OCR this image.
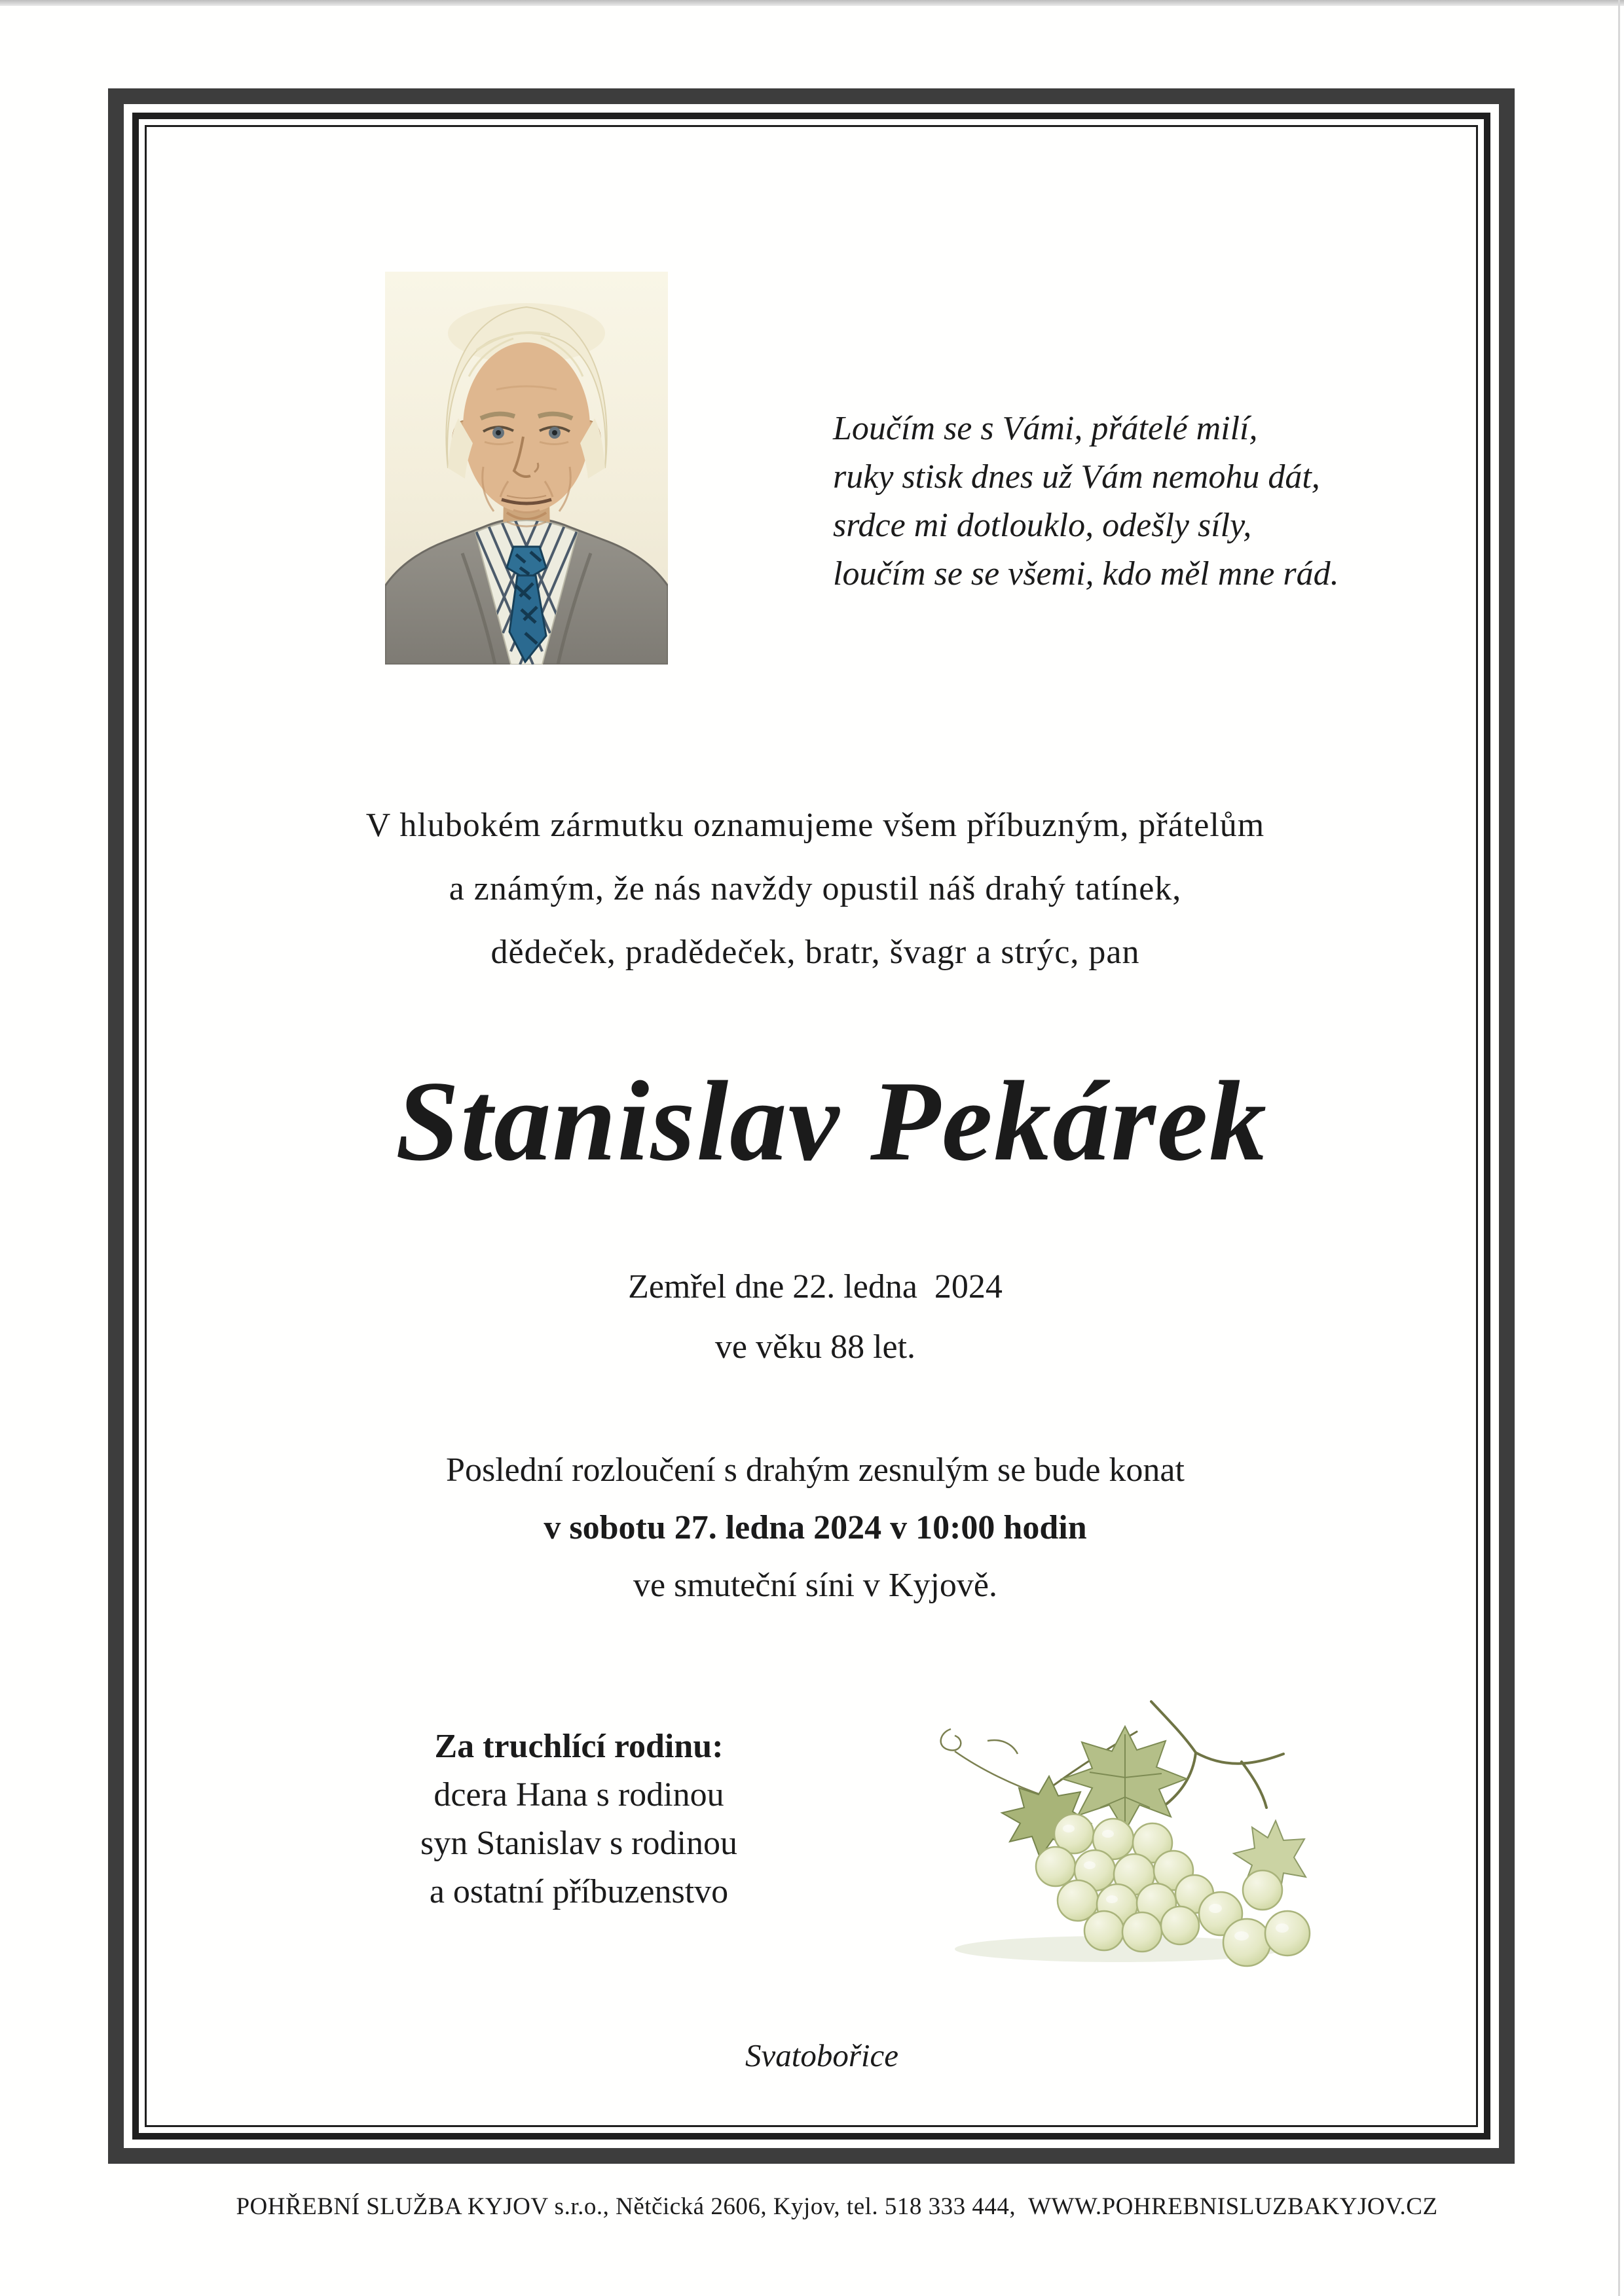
Loučím se s Vámi, přátelé milí,
ruky stisk dnes už Vám nemohu dát,
srdce mi dotlouklo, odešly síly,
loučím se se všemi, kdo měl mne rád.
V hlubokém zármutku oznamujeme všem příbuzným, přátelům
a známým, že nás navždy opustil náš drahý tatínek,
dědeček, pradědeček, bratr, švagr a strýc, pan
Stanislav Pekárek
Zemřel dne 22. ledna  2024
ve věku 88 let.
Poslední rozloučení s drahým zesnulým se bude konat
v sobotu 27. ledna 2024 v 10:00 hodin
ve smuteční síni v Kyjově.
Za truchlící rodinu:
dcera Hana s rodinou
syn Stanislav s rodinou
a ostatní příbuzenstvo
Svatobořice
POHŘEBNÍ SLUŽBA KYJOV s.r.o., Nětčická 2606, Kyjov, tel. 518 333 444,  WWW.POHREBNISLUZBAKYJOV.CZ
